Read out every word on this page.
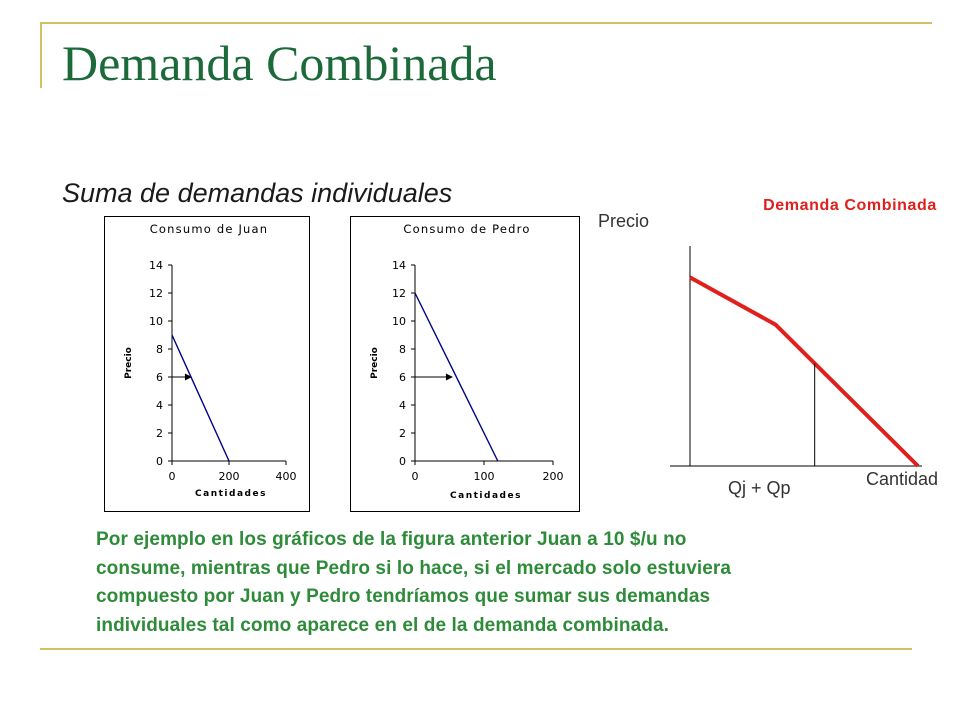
Demanda Combinada
Suma de demandas individuales
Consumo de Juan
0
2
4
6
8
10
12
14
0	200	400
Cantidades
Precio
Consumo de Pedro
0
2
4
6
8
10
12
14
0	100	200
Cantidades
Precio
Demanda Combinada
Precio
Cantidad
Qj + Qp
Por ejemplo en los gráficos de la figura anterior Juan a 10 $/u no
consume, mientras que Pedro si lo hace, si el mercado solo estuviera
compuesto por Juan y Pedro tendríamos que sumar sus demandas
individuales tal como aparece en el de la demanda combinada.
